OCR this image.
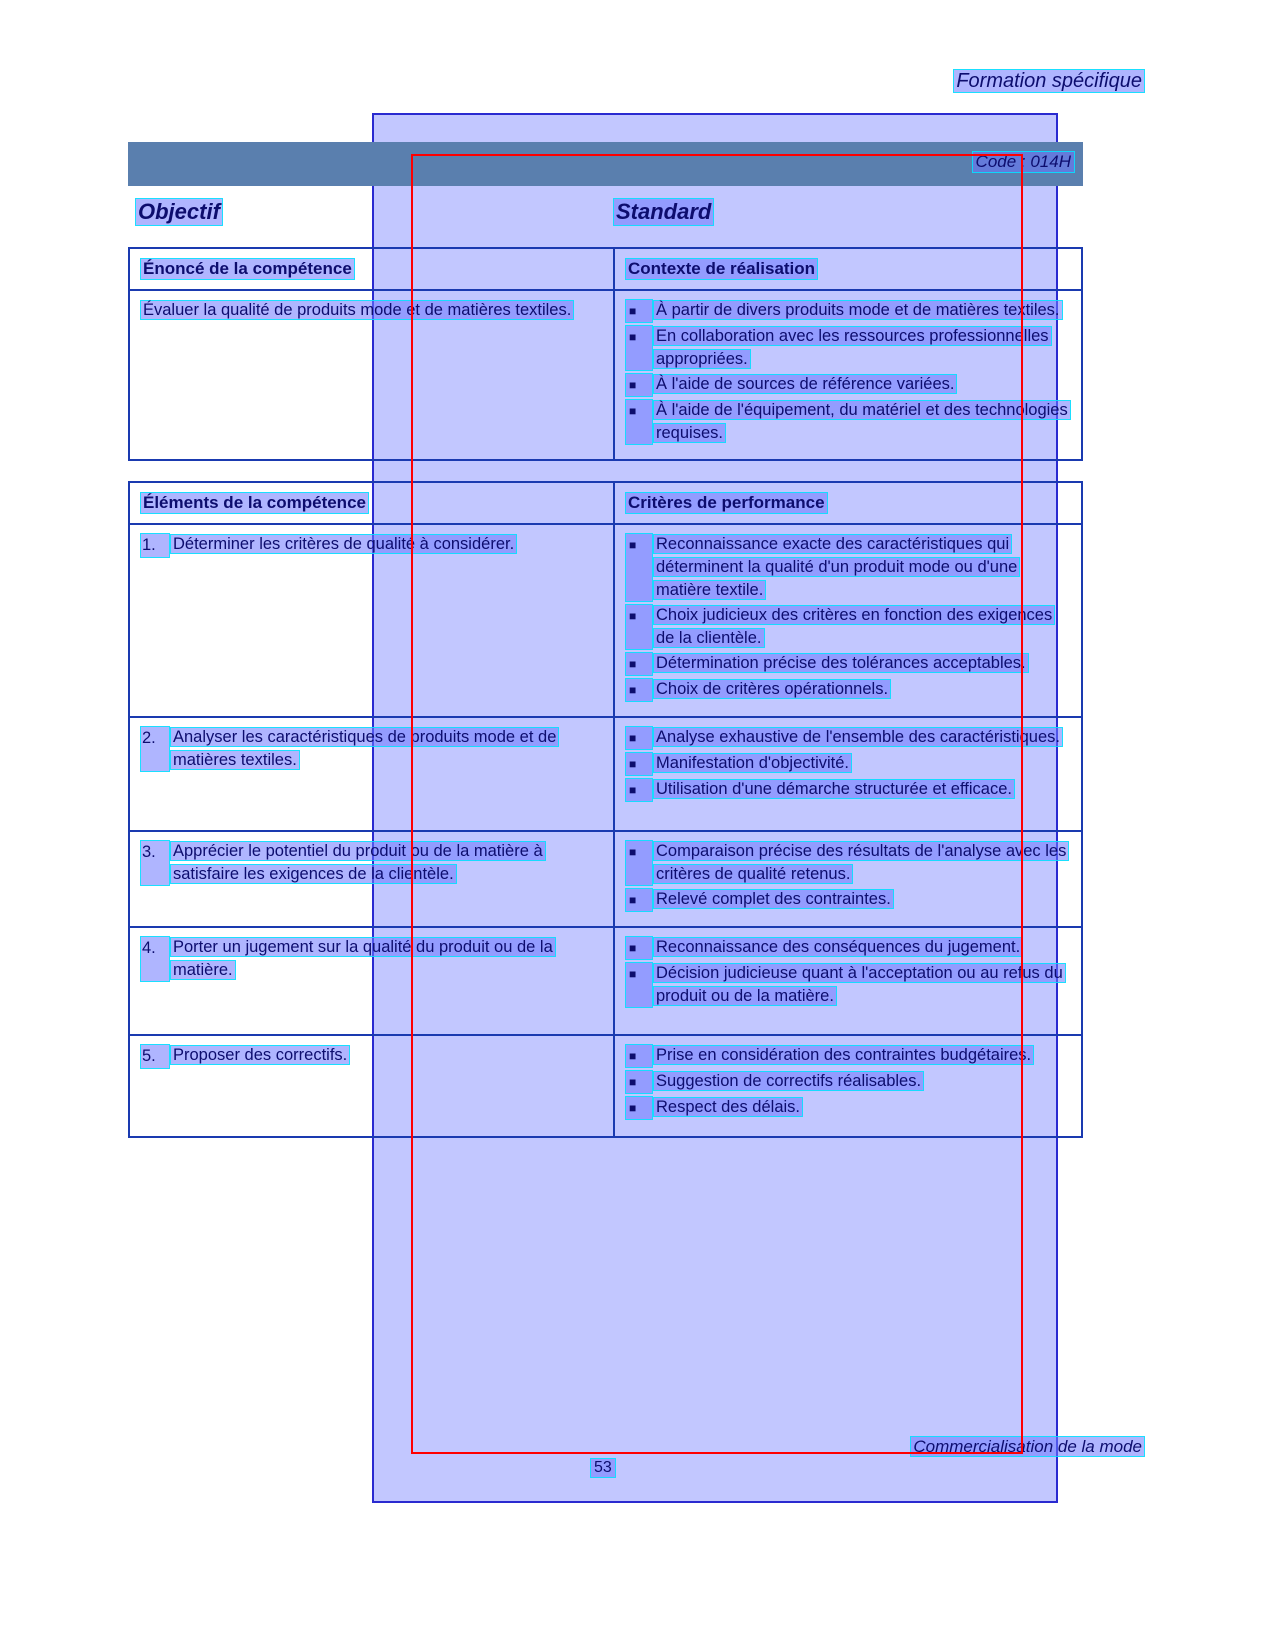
Formation spécifique
Code : 014H
Objectif	Standard
Énoncé de la compétence	Contexte de réalisation
Évaluer la qualité de produits mode et de matières textiles.	■	À partir de divers produits mode et de matières textiles.
■	En collaboration avec les ressources professionnelles appropriées.
■	À l'aide de sources de référence variées.
■	À l'aide de l'équipement, du matériel et des technologies requises.
Éléments de la compétence	Critères de performance
1.	Déterminer les critères de qualité à considérer.	■	Reconnaissance exacte des caractéristiques qui déterminent la qualité d'un produit mode ou d'une matière textile.
■	Choix judicieux des critères en fonction des exigences de la clientèle.
■	Détermination précise des tolérances acceptables.
■	Choix de critères opérationnels.
2.	Analyser les caractéristiques de produits mode et de matières textiles.
■	Analyse exhaustive de l'ensemble des caractéristiques.
■	Manifestation d'objectivité.
■	Utilisation d'une démarche structurée et efficace.
3.	Apprécier le potentiel du produit ou de la matière à satisfaire les exigences de la clientèle.
■	Comparaison précise des résultats de l'analyse avec les critères de qualité retenus.
■	Relevé complet des contraintes.
4.	Porter un jugement sur la qualité du produit ou de la matière.
■	Reconnaissance des conséquences du jugement.
■	Décision judicieuse quant à l'acceptation ou au refus du produit ou de la matière.
5.	Proposer des correctifs.	■	Prise en considération des contraintes budgétaires.
■	Suggestion de correctifs réalisables.
■	Respect des délais.
Commercialisation de la mode
53
